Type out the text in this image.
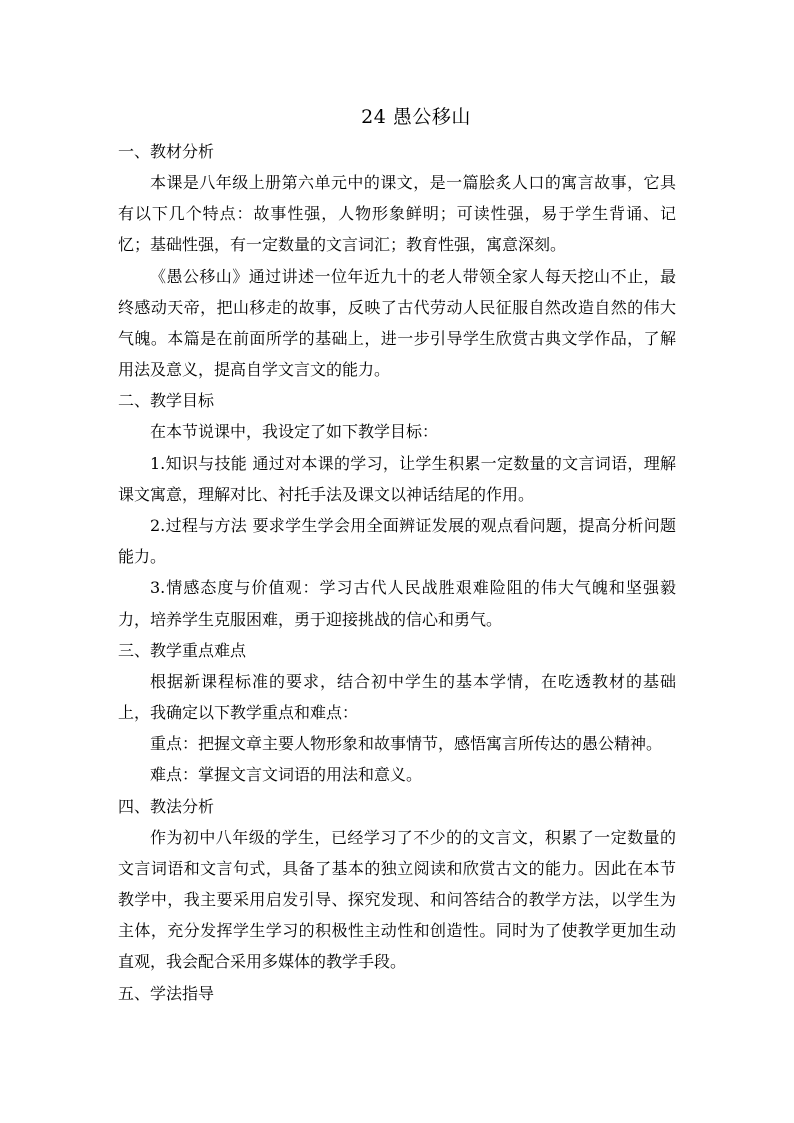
24 愚公移山
一、教材分析

本课是八年级上册第六单元中的课文，是一篇脍炙人口的寓言故事，它具有以下几个特点：故事性强，人物形象鲜明；可读性强，易于学生背诵、记忆；基础性强，有一定数量的文言词汇；教育性强，寓意深刻。

《愚公移山》通过讲述一位年近九十的老人带领全家人每天挖山不止，最终感动天帝，把山移走的故事，反映了古代劳动人民征服自然改造自然的伟大气魄。本篇是在前面所学的基础上，进一步引导学生欣赏古典文学作品，了解用法及意义，提高自学文言文的能力。

二、教学目标

在本节说课中，我设定了如下教学目标：

1.知识与技能 通过对本课的学习，让学生积累一定数量的文言词语，理解课文寓意，理解对比、衬托手法及课文以神话结尾的作用。

2.过程与方法 要求学生学会用全面辨证发展的观点看问题，提高分析问题能力。

3.情感态度与价值观：学习古代人民战胜艰难险阻的伟大气魄和坚强毅力，培养学生克服困难，勇于迎接挑战的信心和勇气。

三、教学重点难点

根据新课程标准的要求，结合初中学生的基本学情，在吃透教材的基础上，我确定以下教学重点和难点：

重点：把握文章主要人物形象和故事情节，感悟寓言所传达的愚公精神。

难点：掌握文言文词语的用法和意义。

四、教法分析

作为初中八年级的学生，已经学习了不少的的文言文，积累了一定数量的文言词语和文言句式，具备了基本的独立阅读和欣赏古文的能力。因此在本节教学中，我主要采用启发引导、探究发现、和问答结合的教学方法，以学生为主体，充分发挥学生学习的积极性主动性和创造性。同时为了使教学更加生动直观，我会配合采用多媒体的教学手段。

五、学法指导
